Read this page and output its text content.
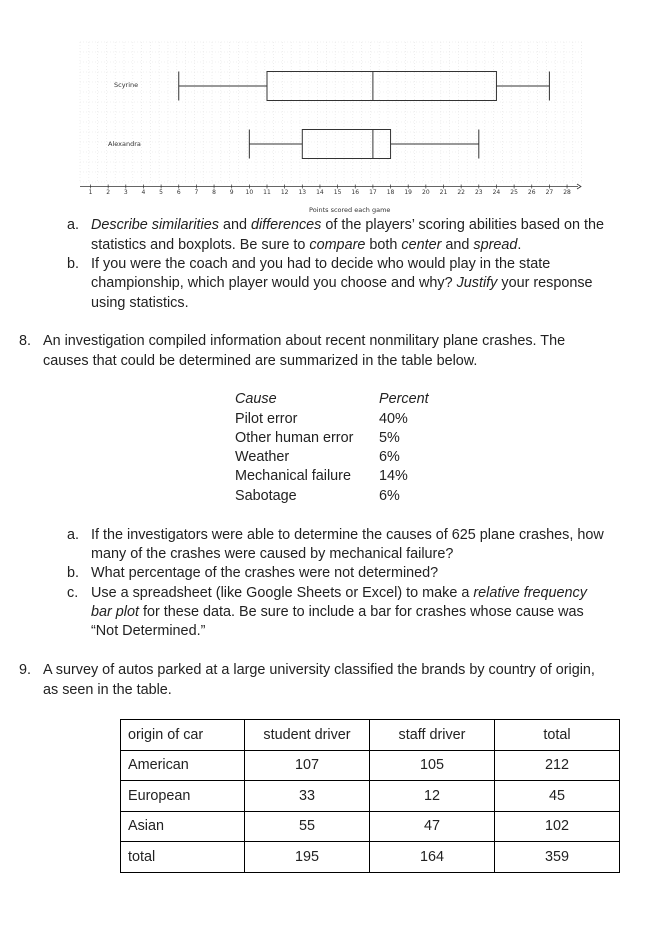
Scyrine
Alexandra
1	2	3	4	5	6	7	8	9	10	11	12	13	14	15	16	17	18	19	20	21	22	23	24	25	26	27	28
Points scored each game
a. Describe similarities and differences of the players’ scoring abilities based on the
statistics and boxplots. Be sure to compare both center and spread.
b. If you were the coach and you had to decide who would play in the state
championship, which player would you choose and why? Justify your response
using statistics.
8. An investigation compiled information about recent nonmilitary plane crashes. The
causes that could be determined are summarized in the table below.
Cause	Percent
Pilot error	40%
Other human error 5%
Weather	6%
Mechanical failure 14%
Sabotage	6%
a. If the investigators were able to determine the causes of 625 plane crashes, how
many of the crashes were caused by mechanical failure?
b. What percentage of the crashes were not determined?
c. Use a spreadsheet (like Google Sheets or Excel) to make a relative frequency
bar plot for these data. Be sure to include a bar for crashes whose cause was
“Not Determined.”
9. A survey of autos parked at a large university classified the brands by country of origin,
as seen in the table.
origin of car	student driver	staff driver	total
American	107	105	212
European	33	12	45
Asian	55	47	102
total	195	164	359
